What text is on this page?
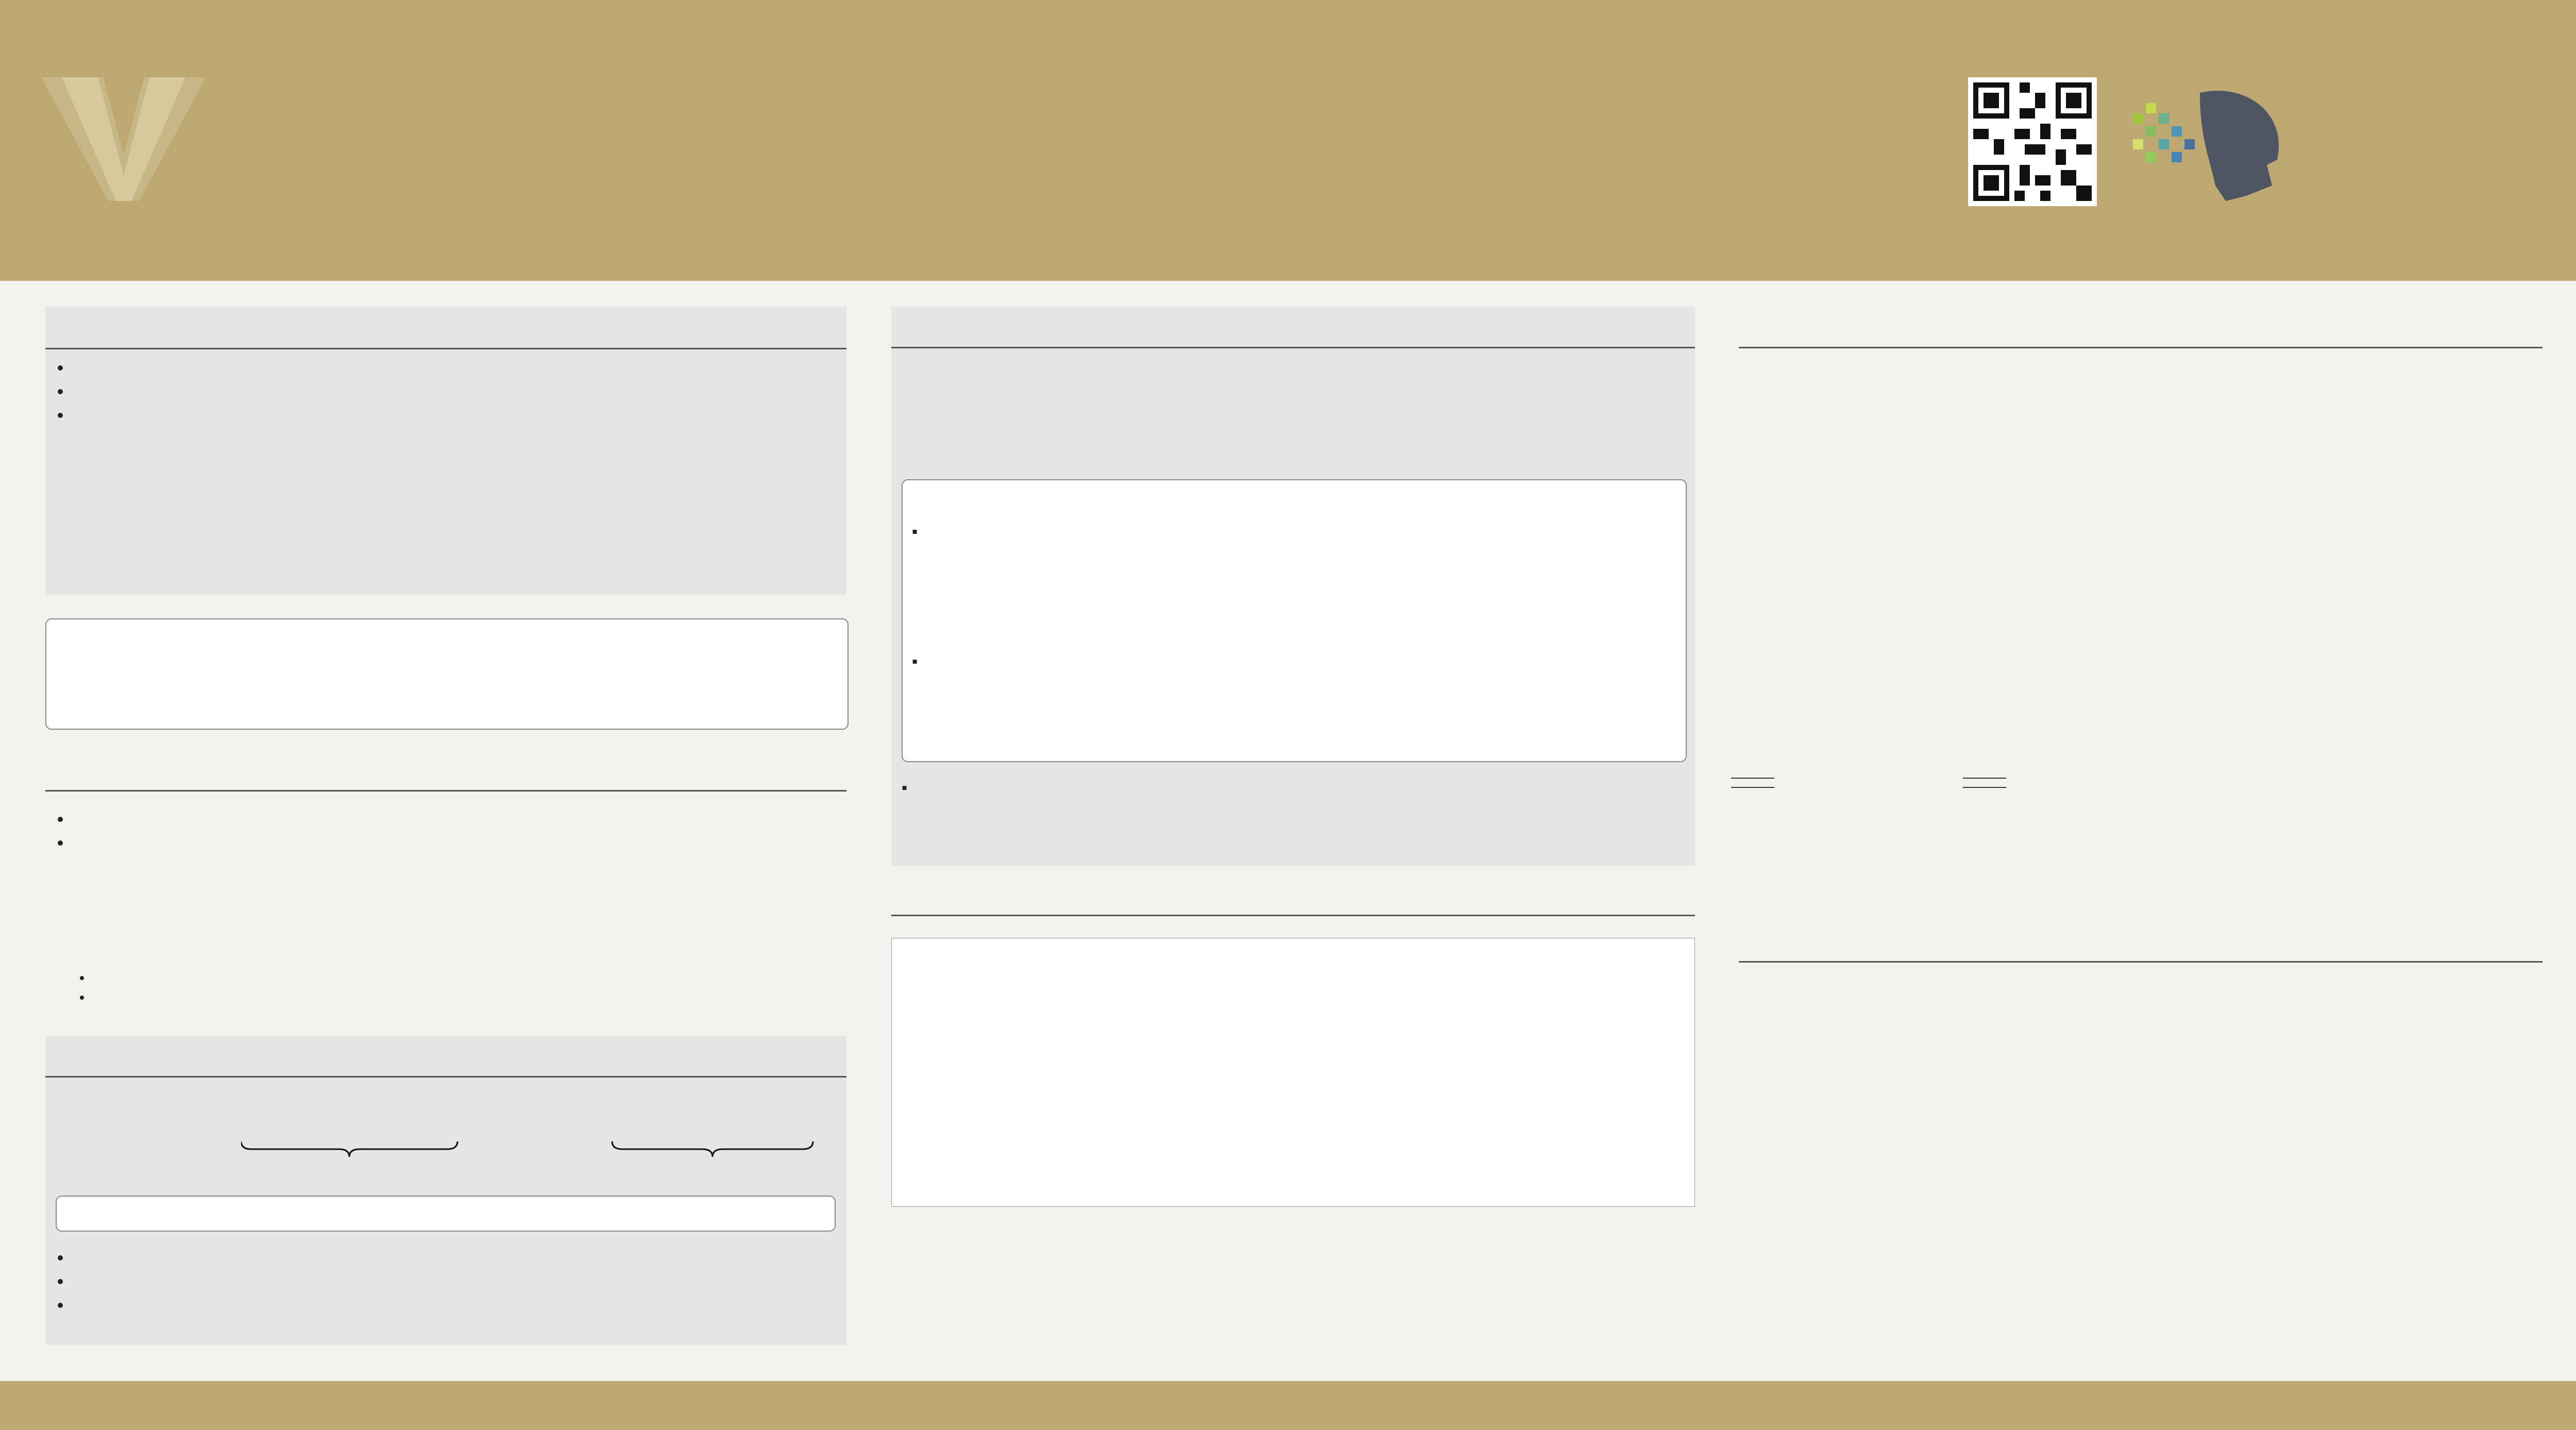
•
•
•
•
•
•
•
•
•
•
▪
▪
▪
